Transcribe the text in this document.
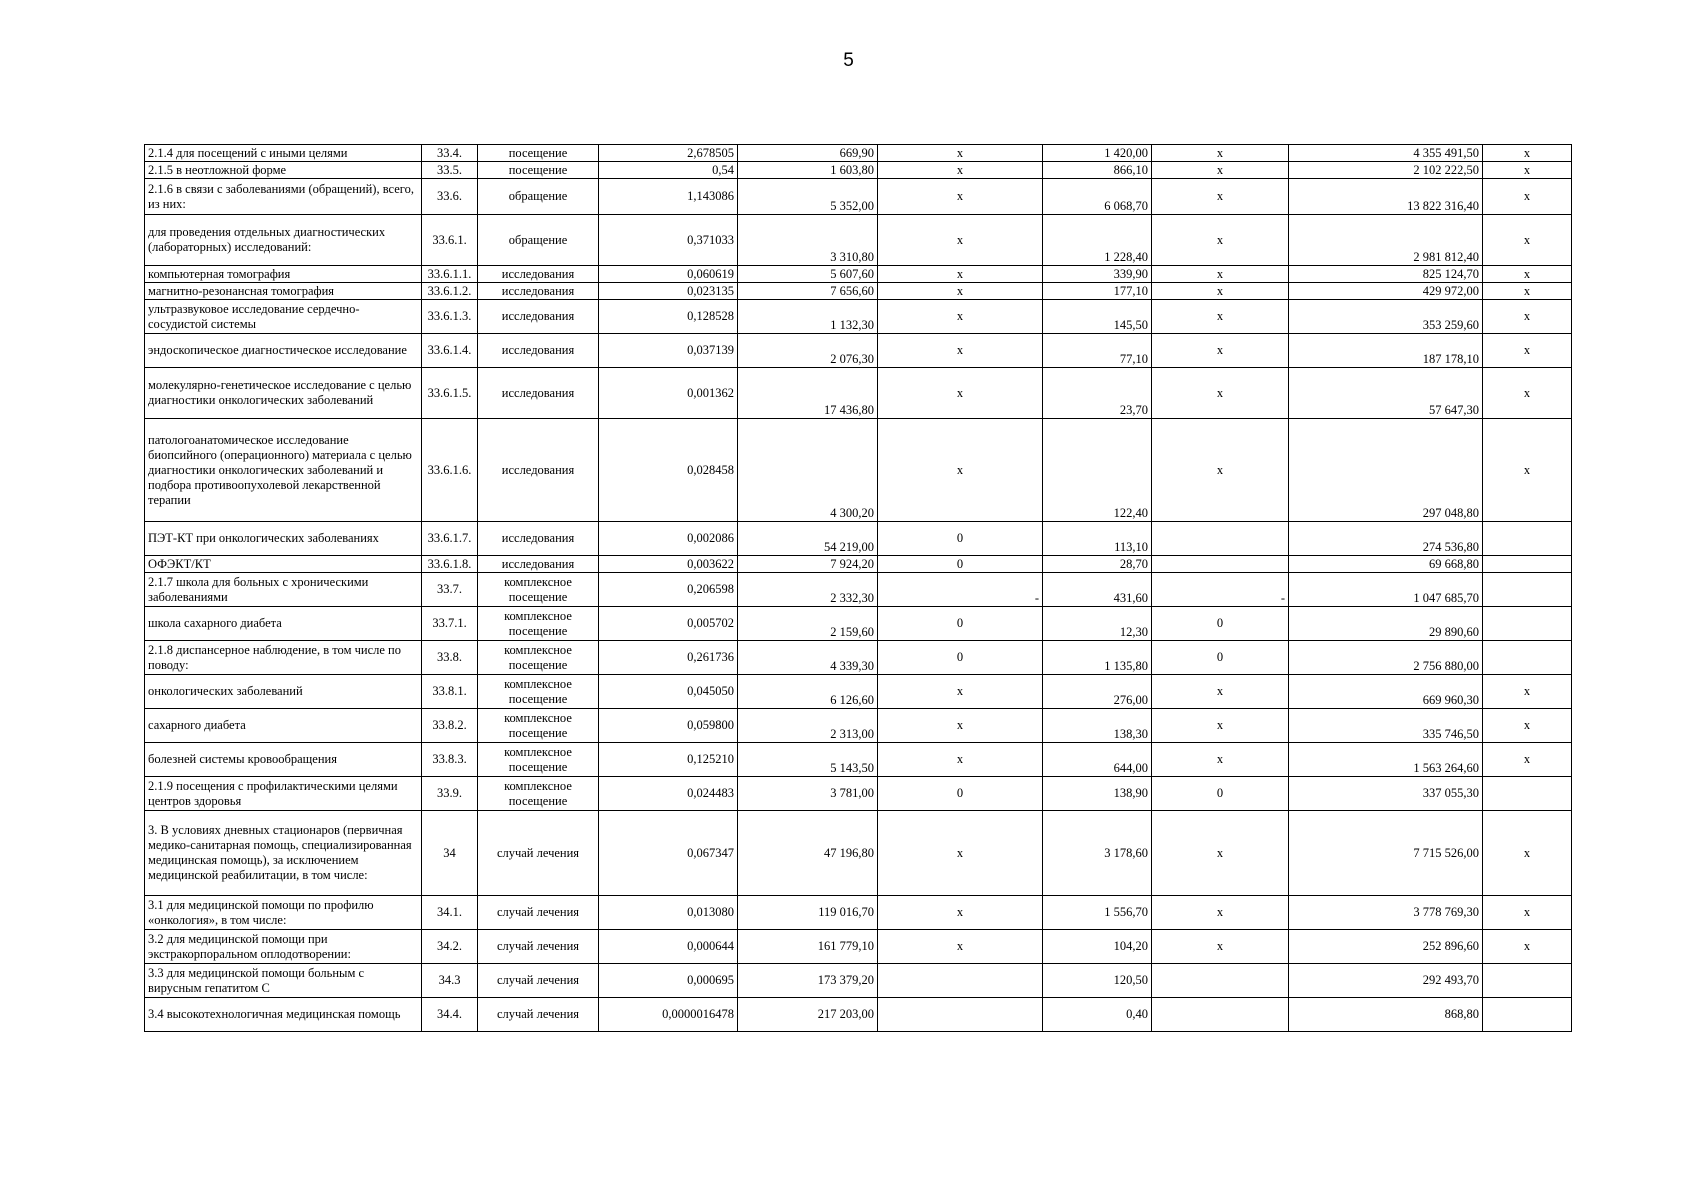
5
2.1.4 для посещений с иными целями	33.4.	посещение	2,678505	669,90	х	1 420,00	х	4 355 491,50	х
2.1.5 в неотложной форме	33.5.	посещение	0,54	1 603,80	х	866,10	х	2 102 222,50	х
2.1.6 в связи с заболеваниями (обращений), всего, из них:	33.6.	обращение	1,143086	5 352,00	х	6 068,70	х	13 822 316,40	х
для проведения отдельных диагностических (лабораторных) исследований:	33.6.1.	обращение	0,371033	3 310,80	х	1 228,40	х	2 981 812,40	х
компьютерная томография	33.6.1.1.	исследования	0,060619	5 607,60	х	339,90	х	825 124,70	х
магнитно-резонансная томография	33.6.1.2.	исследования	0,023135	7 656,60	х	177,10	х	429 972,00	х
ультразвуковое исследование сердечно-сосудистой системы	33.6.1.3.	исследования	0,128528	1 132,30	х	145,50	х	353 259,60	х
эндоскопическое диагностическое исследование	33.6.1.4.	исследования	0,037139	2 076,30	х	77,10	х	187 178,10	х
молекулярно-генетическое исследование с целью диагностики онкологических заболеваний	33.6.1.5.	исследования	0,001362	17 436,80	х	23,70	х	57 647,30	х
патологоанатомическое исследование биопсийного (операционного) материала с целью диагностики онкологических заболеваний и подбора противоопухолевой лекарственной терапии	33.6.1.6.	исследования	0,028458	4 300,20	х	122,40	х	297 048,80	х
ПЭТ-КТ при онкологических заболеваниях	33.6.1.7.	исследования	0,002086	54 219,00	0	113,10		274 536,80	
ОФЭКТ/КТ	33.6.1.8.	исследования	0,003622	7 924,20	0	28,70		69 668,80	
2.1.7 школа для больных с хроническими заболеваниями	33.7.	комплексное посещение	0,206598	2 332,30	-	431,60	-	1 047 685,70	
школа сахарного диабета	33.7.1.	комплексное посещение	0,005702	2 159,60	0	12,30	0	29 890,60	
2.1.8 диспансерное наблюдение, в том числе по поводу:	33.8.	комплексное посещение	0,261736	4 339,30	0	1 135,80	0	2 756 880,00	
онкологических заболеваний	33.8.1.	комплексное посещение	0,045050	6 126,60	х	276,00	х	669 960,30	х
сахарного диабета	33.8.2.	комплексное посещение	0,059800	2 313,00	х	138,30	х	335 746,50	х
болезней системы кровообращения	33.8.3.	комплексное посещение	0,125210	5 143,50	х	644,00	х	1 563 264,60	х
2.1.9 посещения с профилактическими целями центров здоровья	33.9.	комплексное посещение	0,024483	3 781,00	0	138,90	0	337 055,30	
3. В условиях дневных стационаров (первичная медико-санитарная помощь, специализированная медицинская помощь), за исключением медицинской реабилитации, в том числе:	34	случай лечения	0,067347	47 196,80	х	3 178,60	х	7 715 526,00	х
3.1 для медицинской помощи по профилю «онкология», в том числе:	34.1.	случай лечения	0,013080	119 016,70	х	1 556,70	х	3 778 769,30	х
3.2 для медицинской помощи при экстракорпоральном оплодотворении:	34.2.	случай лечения	0,000644	161 779,10	х	104,20	х	252 896,60	х
3.3 для медицинской помощи больным с вирусным гепатитом С	34.3	случай лечения	0,000695	173 379,20		120,50		292 493,70	
3.4 высокотехнологичная медицинская помощь	34.4.	случай лечения	0,0000016478	217 203,00		0,40		868,80	
